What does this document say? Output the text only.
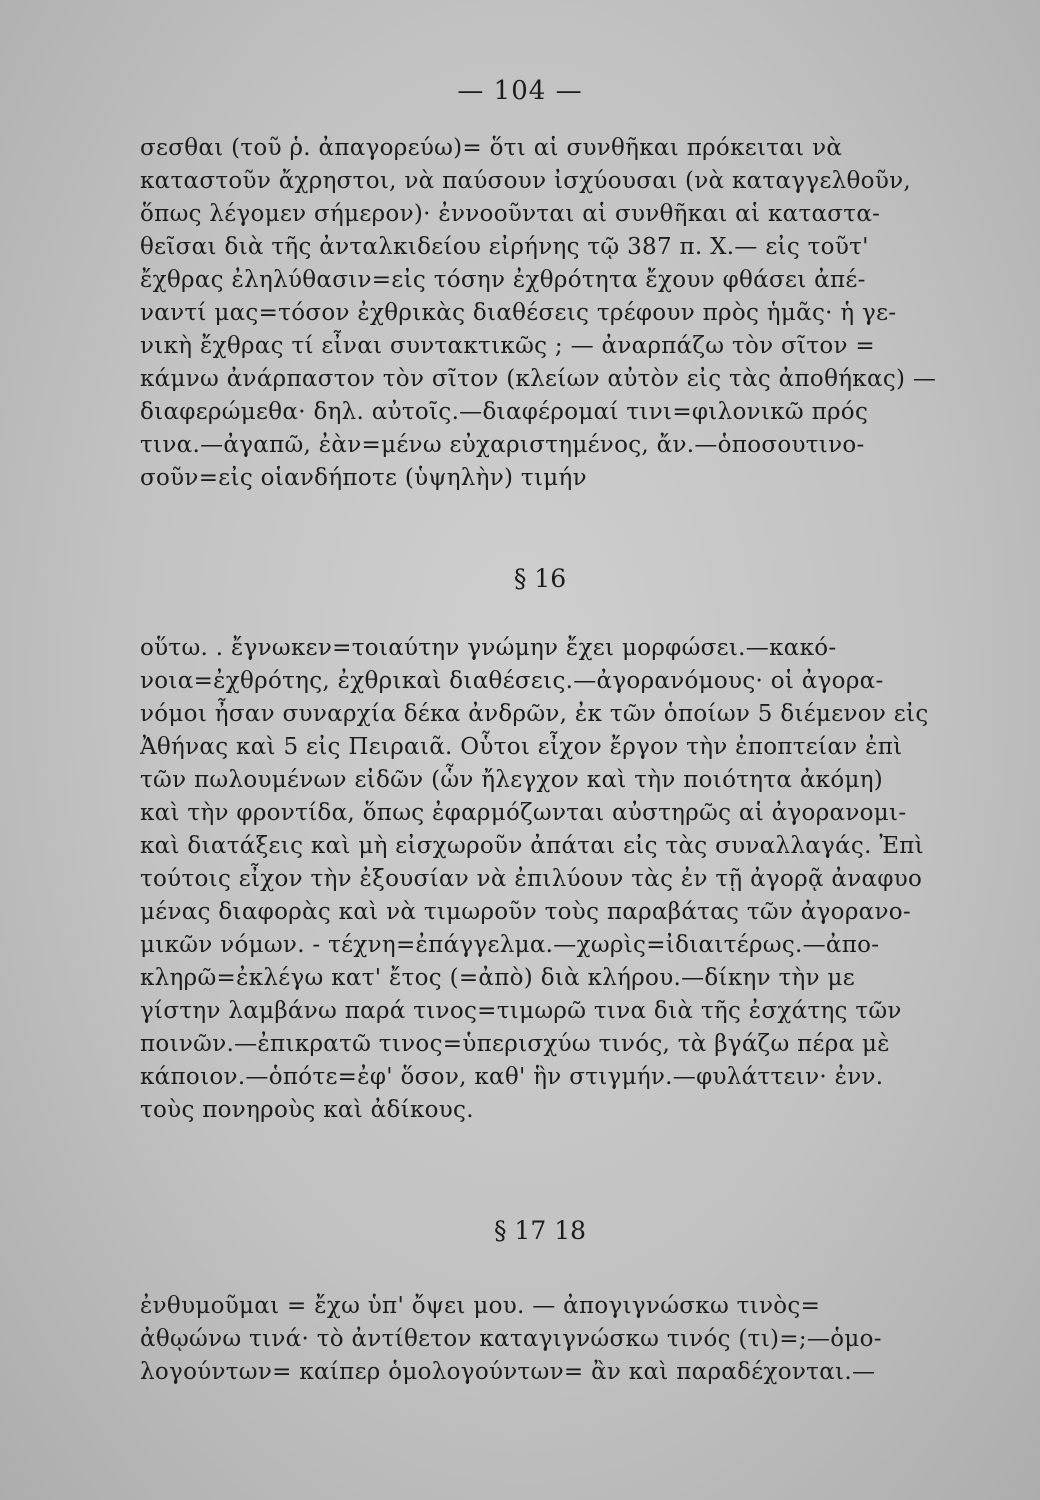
— 104 —
σεσθαι (τοῦ ῥ. ἀπαγορεύω)= ὅτι αἱ συνθῆκαι πρόκειται νὰ
καταστοῦν ἄχρηστοι, νὰ παύσουν ἰσχύουσαι (νὰ καταγγελθοῦν,
ὅπως λέγομεν σήμερον)· ἐννοοῦνται αἱ συνθῆκαι αἱ καταστα-
θεῖσαι διὰ τῆς ἀνταλκιδείου εἰρήνης τῷ 387 π. Χ.— εἰς τοῦτ'
ἔχθρας ἐληλύθασιν=εἰς τόσην ἐχθρότητα ἔχουν φθάσει ἀπέ-
ναντί μας=τόσον ἐχθρικὰς διαθέσεις τρέφουν πρὸς ἡμᾶς· ἡ γε-
νικὴ ἔχθρας τί εἶναι συντακτικῶς ; — ἀναρπάζω τὸν σῖτον =
κάμνω ἀνάρπαστον τὸν σῖτον (κλείων αὐτὸν εἰς τὰς ἀποθήκας) —
διαφερώμεθα· δηλ. αὐτοῖς.—διαφέρομαί τινι=φιλονικῶ πρός
τινα.—ἀγαπῶ, ἐὰν=μένω εὐχαριστημένος, ἄν.—ὁποσουτινο-
σοῦν=εἰς οἱανδήποτε (ὑψηλὴν) τιμήν
§ 16
οὕτω. . ἔγνωκεν=τοιαύτην γνώμην ἔχει μορφώσει.—κακό-
νοια=ἐχθρότης, ἐχθρικαὶ διαθέσεις.—ἀγορανόμους· οἱ ἀγορα-
νόμοι ἦσαν συναρχία δέκα ἀνδρῶν, ἐκ τῶν ὁποίων 5 διέμενον εἰς
Ἀθήνας καὶ 5 εἰς Πειραιᾶ. Οὗτοι εἶχον ἔργον τὴν ἐποπτείαν ἐπὶ
τῶν πωλουμένων εἰδῶν (ὧν ἤλεγχον καὶ τὴν ποιότητα ἀκόμη)
καὶ τὴν φροντίδα, ὅπως ἐφαρμόζωνται αὐστηρῶς αἱ ἀγορανομι-
καὶ διατάξεις καὶ μὴ εἰσχωροῦν ἀπάται εἰς τὰς συναλλαγάς. Ἐπὶ
τούτοις εἶχον τὴν ἐξουσίαν νὰ ἐπιλύουν τὰς ἐν τῇ ἀγορᾷ ἀναφυο
μένας διαφορὰς καὶ νὰ τιμωροῦν τοὺς παραβάτας τῶν ἀγορανο-
μικῶν νόμων. - τέχνη=ἐπάγγελμα.—χωρὶς=ἰδιαιτέρως.—ἀπο-
κληρῶ=ἐκλέγω κατ' ἔτος (=ἀπὸ) διὰ κλήρου.—δίκην τὴν με
γίστην λαμβάνω παρά τινος=τιμωρῶ τινα διὰ τῆς ἐσχάτης τῶν
ποινῶν.—ἐπικρατῶ τινος=ὑπερισχύω τινός, τὰ βγάζω πέρα μὲ
κάποιον.—ὁπότε=ἐφ' ὅσον, καθ' ἣν στιγμήν.—φυλάττειν· ἐνν.
τοὺς πονηροὺς καὶ ἀδίκους.
§ 17 18
ἐνθυμοῦμαι = ἔχω ὑπ' ὄψει μου. — ἀπογιγνώσκω τινὸς=
ἀθῳώνω τινά· τὸ ἀντίθετον καταγιγνώσκω τινός (τι)=;—ὁμο-
λογούντων= καίπερ ὁμολογούντων= ἂν καὶ παραδέχονται.—
